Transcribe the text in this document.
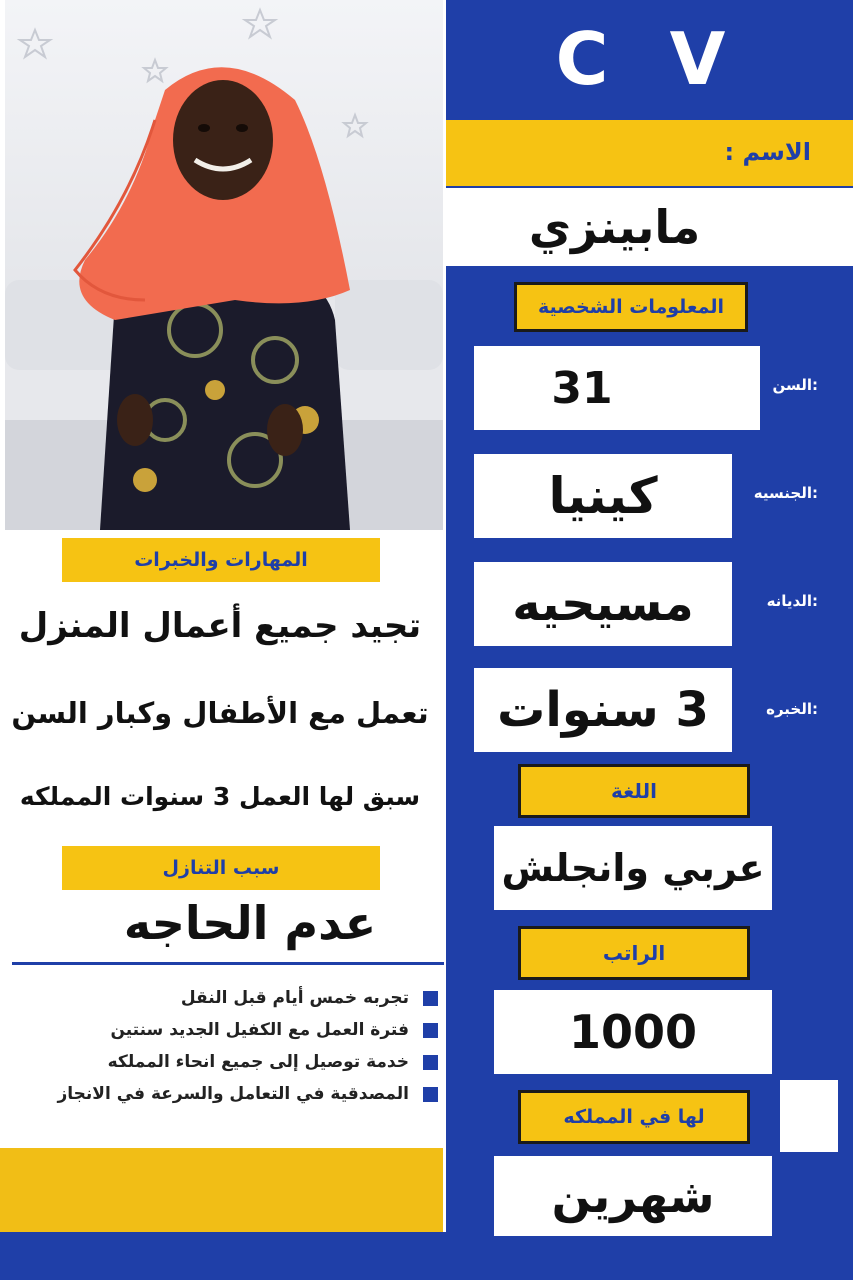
C V
الاسم :
مابينزي
المعلومات الشخصية
31	السن:
كينيا	الجنسيه:
مسيحيه	الديانه:
3 سنوات	الخبره:
اللغة
عربي وانجلش
الراتب
1000
لها في المملكه
شهرين
المهارات والخبرات
تجيد جميع أعمال المنزل
تعمل مع الأطفال وكبار السن
سبق لها العمل 3 سنوات المملكه
سبب التنازل
عدم الحاجه
تجربه خمس أيام قبل النقل
فترة العمل مع الكفيل الجديد سنتين
خدمة توصيل إلى جميع انحاء المملكه
المصدقية في التعامل والسرعة في الانجاز
